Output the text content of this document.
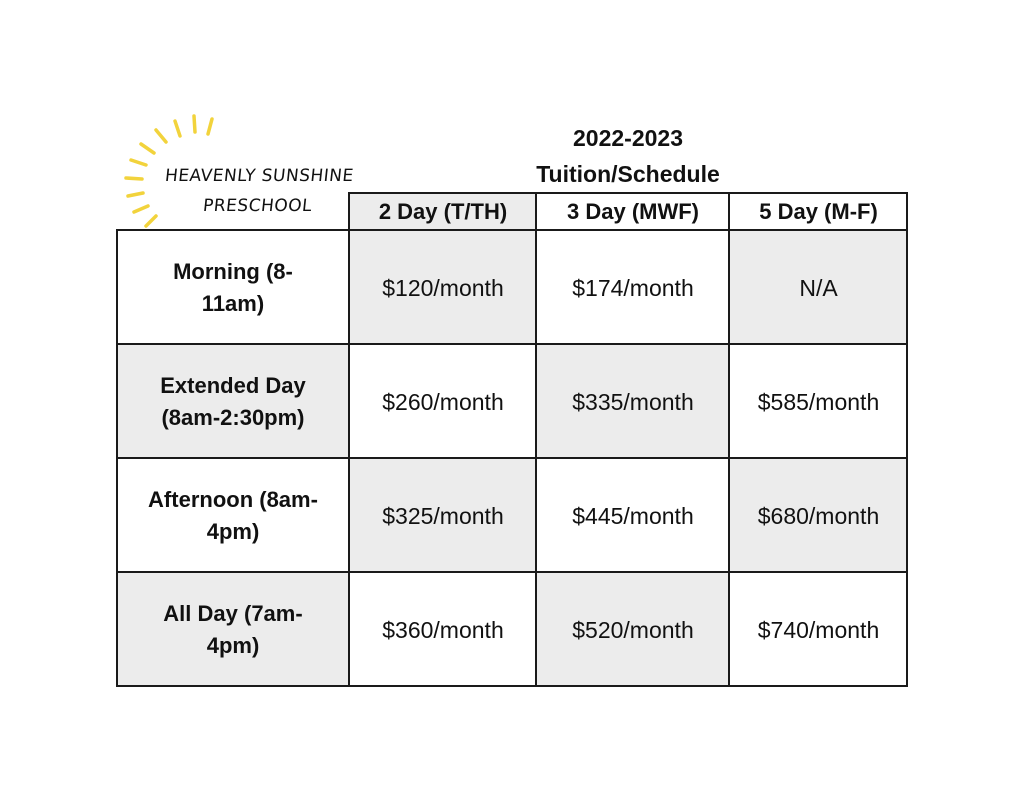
HEAVENLY SUNSHINE
PRESCHOOL
2022-2023
Tuition/Schedule
2 Day (T/TH)	3 Day (MWF)	5 Day (M-F)
Morning (8-
11am)
$120/month	$174/month	N/A
Extended Day
(8am-2:30pm)
$260/month	$335/month	$585/month
Afternoon (8am-
4pm)
$325/month	$445/month	$680/month
All Day (7am-
4pm)
$360/month	$520/month	$740/month
